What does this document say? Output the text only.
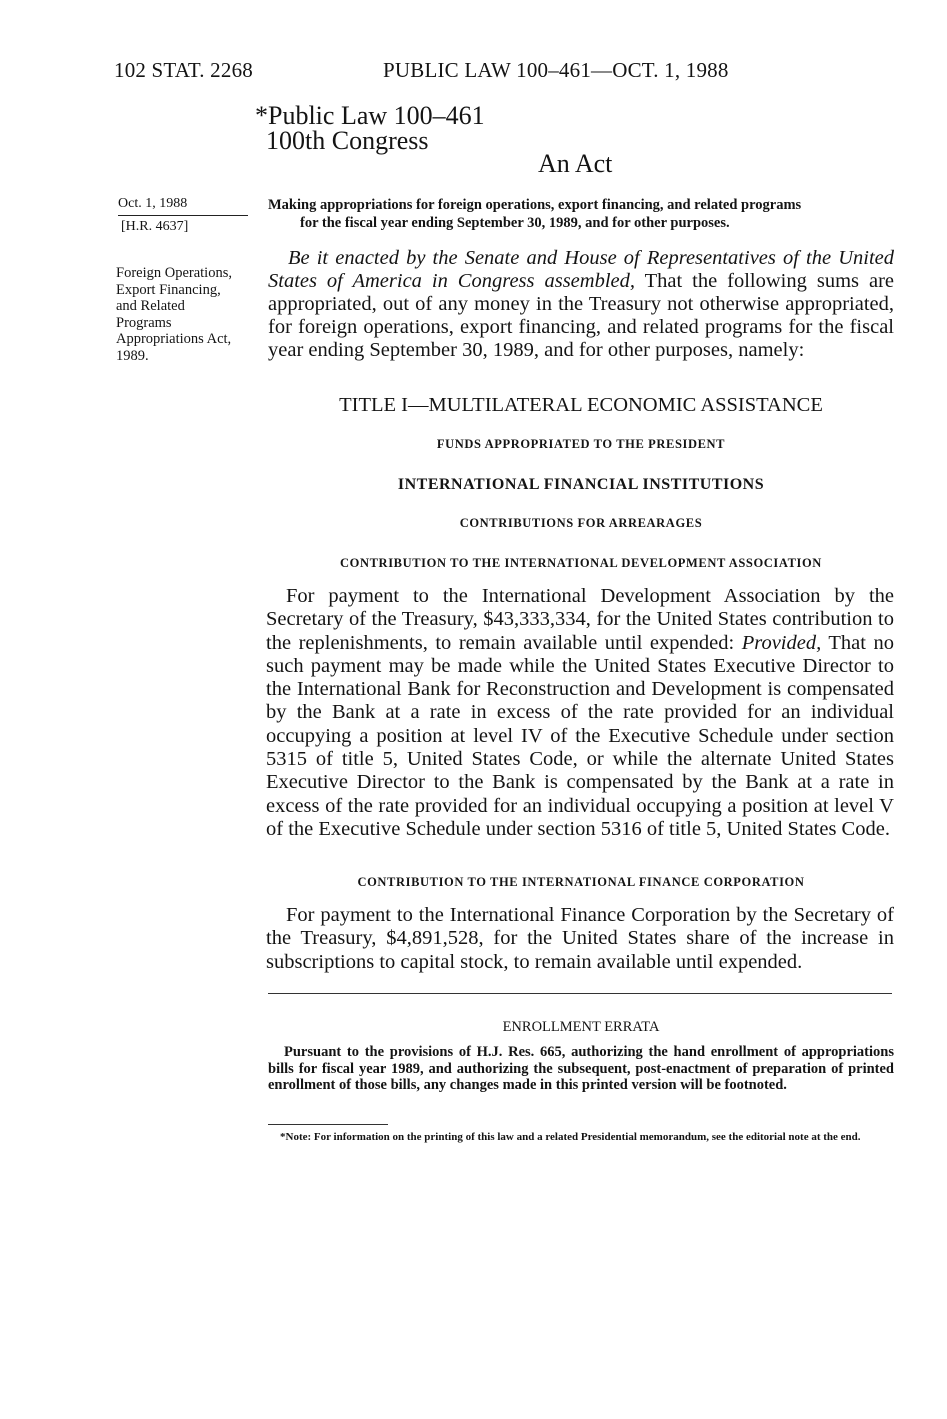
102 STAT. 2268	PUBLIC LAW 100–461—OCT. 1, 1988
*Public Law 100–461
100th Congress
An Act
Oct. 1, 1988
[H.R. 4637]
Foreign Operations, Export Financing, and Related Programs Appropriations Act, 1989.
Making appropriations for foreign operations, export financing, and related programs
for the fiscal year ending September 30, 1989, and for other purposes.

Be it enacted by the Senate and House of Representatives of the United States of America in Congress assembled, That the following sums are appropriated, out of any money in the Treasury not otherwise appropriated, for foreign operations, export financing, and related programs for the fiscal year ending September 30, 1989, and for other purposes, namely:

TITLE I—MULTILATERAL ECONOMIC ASSISTANCE
FUNDS APPROPRIATED TO THE PRESIDENT
INTERNATIONAL FINANCIAL INSTITUTIONS
CONTRIBUTIONS FOR ARREARAGES
CONTRIBUTION TO THE INTERNATIONAL DEVELOPMENT ASSOCIATION

For payment to the International Development Association by the Secretary of the Treasury, $43,333,334, for the United States contribution to the replenishments, to remain available until expended: Provided, That no such payment may be made while the United States Executive Director to the International Bank for Reconstruction and Development is compensated by the Bank at a rate in excess of the rate provided for an individual occupying a position at level IV of the Executive Schedule under section 5315 of title 5, United States Code, or while the alternate United States Executive Director to the Bank is compensated by the Bank at a rate in excess of the rate provided for an individual occupying a position at level V of the Executive Schedule under section 5316 of title 5, United States Code.

CONTRIBUTION TO THE INTERNATIONAL FINANCE CORPORATION

For payment to the International Finance Corporation by the Secretary of the Treasury, $4,891,528, for the United States share of the increase in subscriptions to capital stock, to remain available until expended.

ENROLLMENT ERRATA

Pursuant to the provisions of H.J. Res. 665, authorizing the hand enrollment of appropriations bills for fiscal year 1989, and authorizing the subsequent, post-enactment of preparation of printed enrollment of those bills, any changes made in this printed version will be footnoted.

*Note: For information on the printing of this law and a related Presidential memorandum, see the editorial note at the end.
